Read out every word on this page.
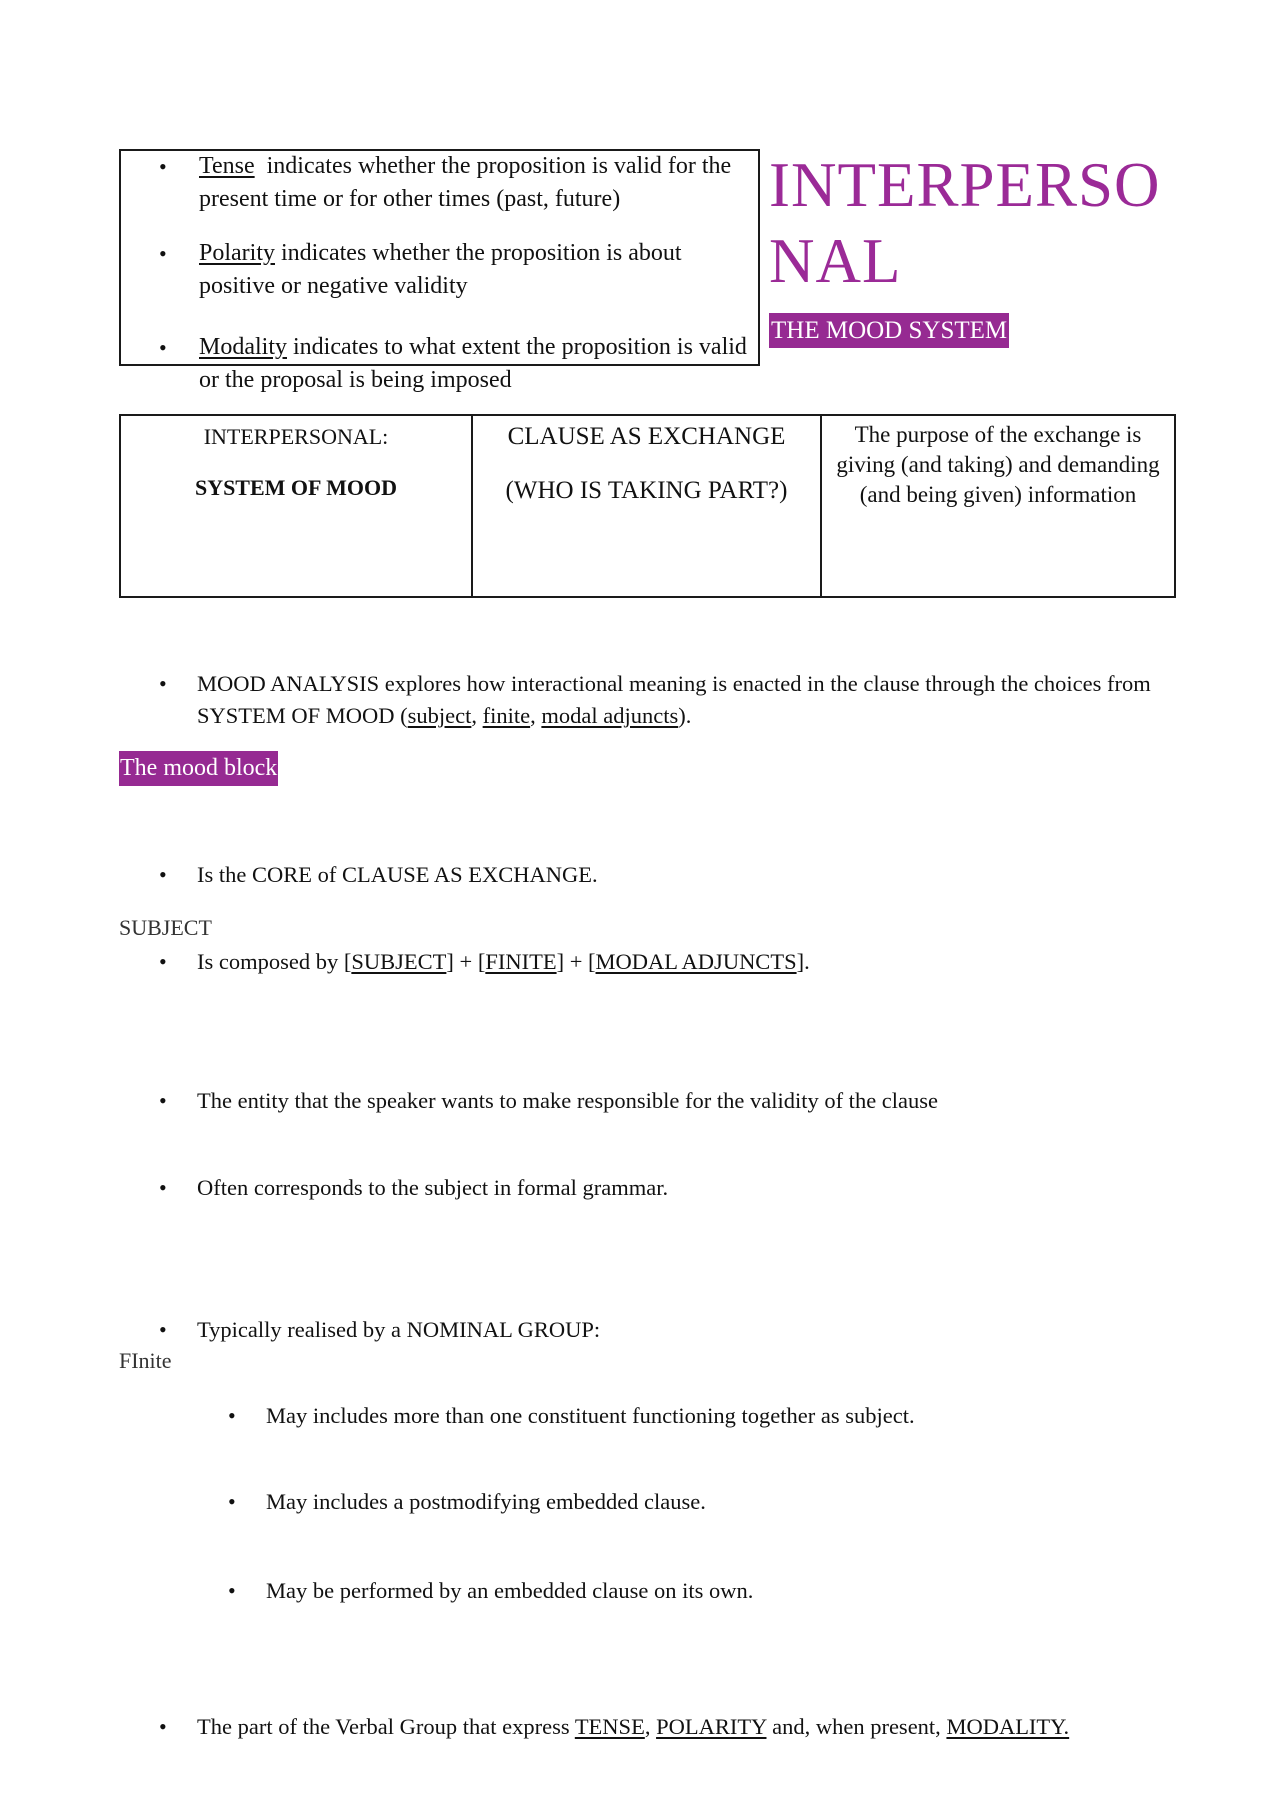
• Tense  indicates whether the proposition is valid for the present time or for other times (past, future)
• Polarity indicates whether the proposition is about positive or negative validity
• Modality indicates to what extent the proposition is valid or the proposal is being imposed
INTERPERSONAL
THE MOOD SYSTEM
INTERPERSONAL:
SYSTEM OF MOOD
CLAUSE AS EXCHANGE
(WHO IS TAKING PART?)
The purpose of the exchange is giving (and taking) and demanding (and being given) information
• MOOD ANALYSIS explores how interactional meaning is enacted in the clause through the choices from SYSTEM OF MOOD (subject, finite, modal adjuncts).
The mood block
• Is the CORE of CLAUSE AS EXCHANGE.
• Is composed by [SUBJECT] + [FINITE] + [MODAL ADJUNCTS].
SUBJECT
• The entity that the speaker wants to make responsible for the validity of the clause
• Often corresponds to the subject in formal grammar.
• Typically realised by a NOMINAL GROUP:
• May includes more than one constituent functioning together as subject.
• May includes a postmodifying embedded clause.
• May be performed by an embedded clause on its own.
FInite
• The part of the Verbal Group that express TENSE, POLARITY and, when present, MODALITY.
